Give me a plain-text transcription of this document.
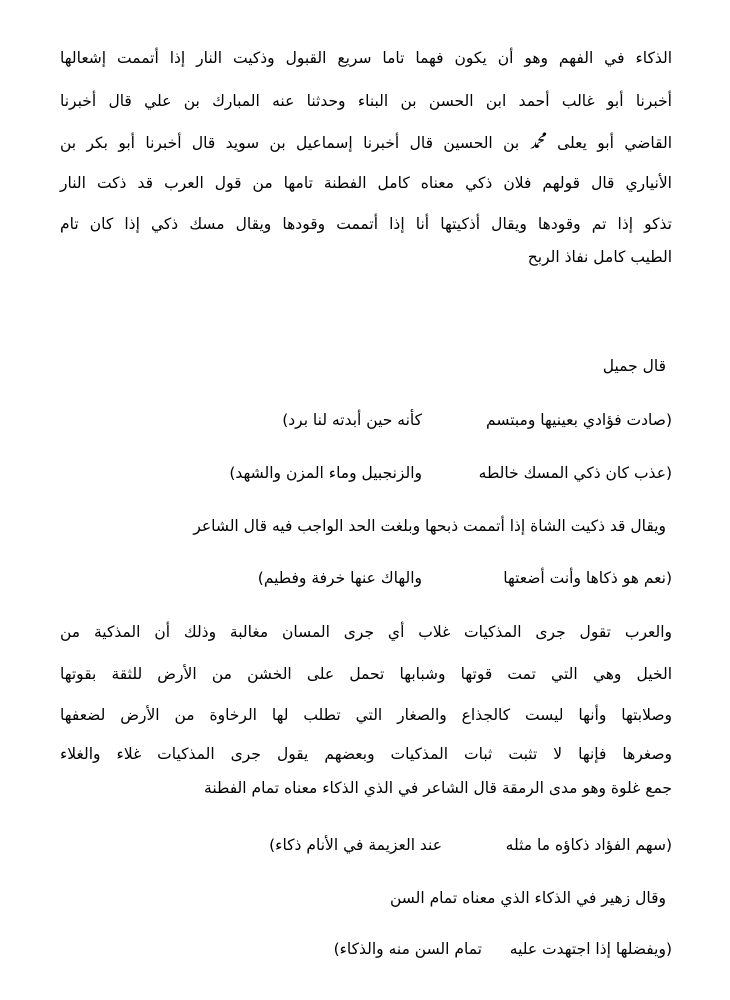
الذكاء في الفهم وهو أن يكون فهما تاما سريع القبول وذكيت النار إذا أتممت إشعالها
أخبرنا أبو غالب أحمد ابن الحسن بن البناء وحدثنا عنه المبارك بن علي قال أخبرنا
القاضي أبو يعلى ﷴ بن الحسين قال أخبرنا إسماعيل بن سويد قال أخبرنا أبو بكر بن
الأنياري قال قولهم فلان ذكي معناه كامل الفطنة تامها من قول العرب قد ذكت النار
تذكو إذا تم وقودها ويقال أذكيتها أنا إذا أتممت وقودها ويقال مسك ذكي إذا كان تام
الطيب كامل نفاذ الربح
قال جميل
(صادت فؤادي بعينيها ومبتسم
كأنه حين أبدته لنا برد)
(عذب كان ذكي المسك خالطه
والزنجبيل وماء المزن والشهد)
ويقال قد ذكيت الشاة إذا أتممت ذبحها وبلغت الحد الواجب فيه قال الشاعر
(نعم هو ذكاها وأنت أضعتها
والهاك عنها خرفة وفطيم)
والعرب تقول جرى المذكيات غلاب أي جرى المسان مغالبة وذلك أن المذكية من
الخيل وهي التي تمت قوتها وشبابها تحمل على الخشن من الأرض للثقة بقوتها
وصلابتها وأنها ليست كالجذاع والصغار التي تطلب لها الرخاوة من الأرض لضعفها
وصغرها فإنها لا تثبت ثبات المذكيات وبعضهم يقول جرى المذكيات غلاء والغلاء
جمع غلوة وهو مدى الرمقة قال الشاعر في الذي الذكاء معناه تمام الفطنة
(سهم الفؤاد ذكاؤه ما مثله
عند العزيمة في الأنام ذكاء)
وقال زهير في الذكاء الذي معناه تمام السن
(ويفضلها إذا اجتهدت عليه
تمام السن منه والذكاء)
